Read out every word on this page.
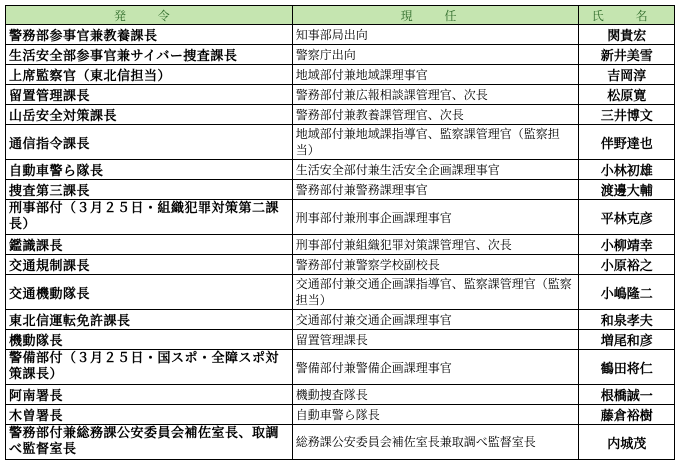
発 令	現 任	氏 名
警務部参事官兼教養課長	知事部局出向	関貴宏
生活安全部参事官兼サイバー捜査課長	警察庁出向	新井美雪
上席監察官（東北信担当）	地域部付兼地域課理事官	吉岡淳
留置管理課長	警務部付兼広報相談課管理官、次長	松原寛
山岳安全対策課長	警務部付兼教養課管理官、次長	三井博文
通信指令課長	地域部付兼地域課指導官、監察課管理官（監察担当）	伴野達也
自動車警ら隊長	生活安全部付兼生活安全企画課理事官	小林初雄
捜査第三課長	警務部付兼警務課理事官	渡邊大輔
刑事部付（３月２５日・組織犯罪対策第二課長）	刑事部付兼刑事企画課理事官	平林克彦
鑑識課長	刑事部付兼組織犯罪対策課管理官、次長	小柳靖幸
交通規制課長	警務部付兼警察学校副校長	小原裕之
交通機動隊長	交通部付兼交通企画課指導官、監察課管理官（監察担当）	小嶋隆二
東北信運転免許課長	交通部付兼交通企画課理事官	和泉孝夫
機動隊長	留置管理課長	増尾和彦
警備部付（３月２５日・国スポ・全障スポ対策課長）	警備部付兼警備企画課理事官	鶴田将仁
阿南署長	機動捜査隊長	根橋誠一
木曽署長	自動車警ら隊長	藤倉裕樹
警務部付兼総務課公安委員会補佐室長、取調べ監督室長	総務課公安委員会補佐室長兼取調べ監督室長	内城茂
